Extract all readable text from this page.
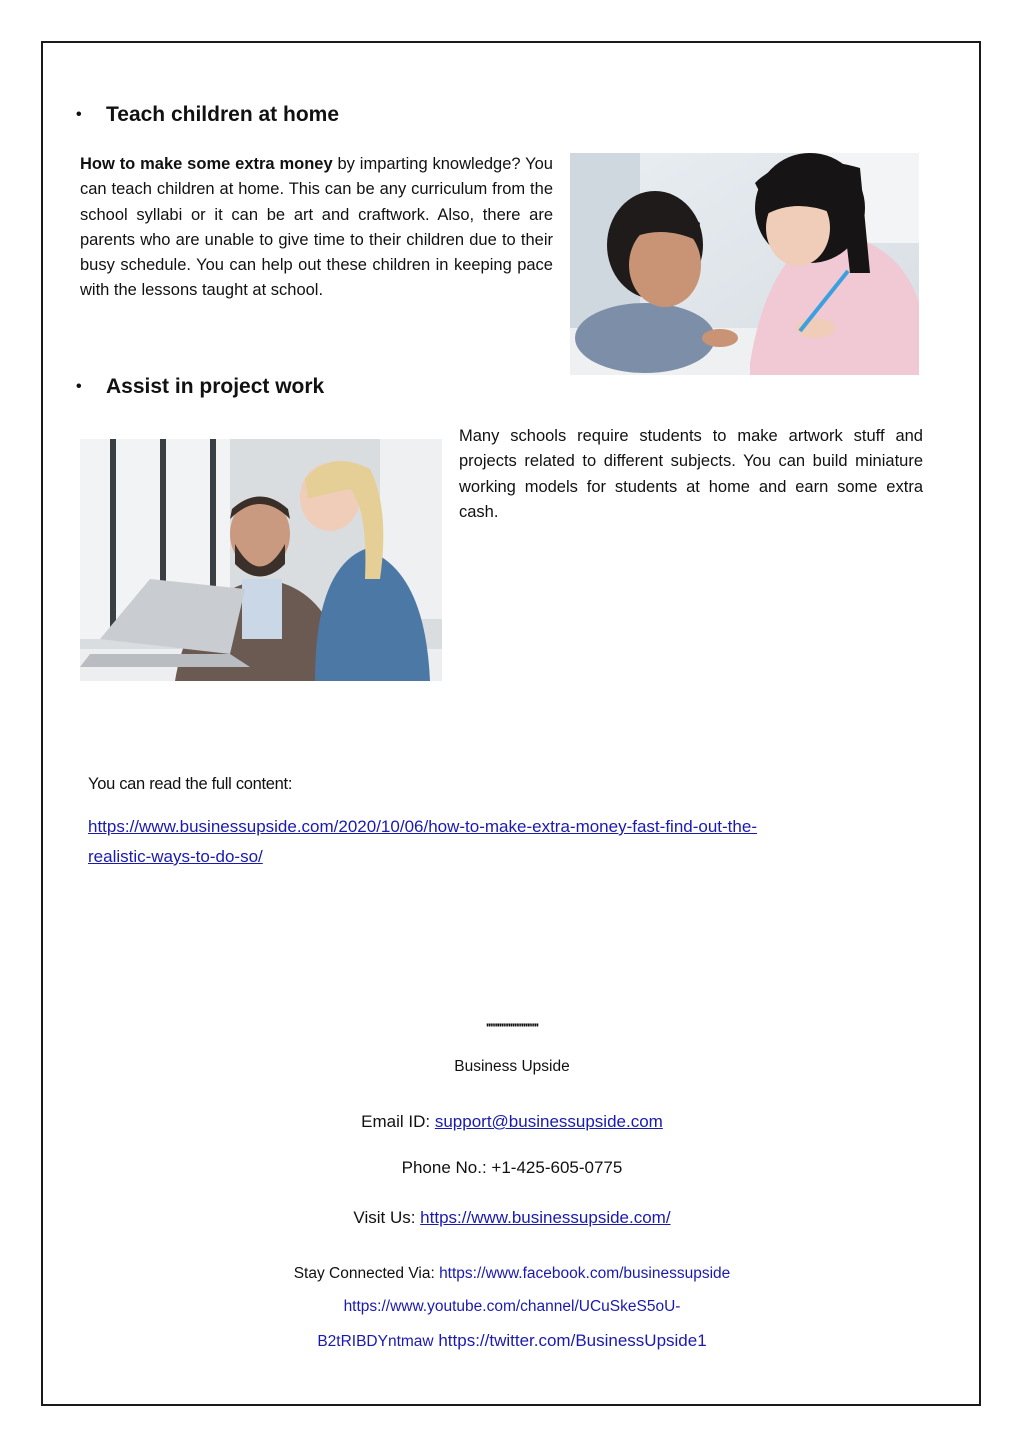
•	Teach children at home

How to make some extra money by imparting knowledge? You can teach children at home. This can be any curriculum from the school syllabi or it can be art and craftwork. Also, there are parents who are unable to give time to their children due to their busy schedule. You can help out these children in keeping pace with the lessons taught at school.

•	Assist in project work

Many schools require students to make artwork stuff and projects related to different subjects. You can build miniature working models for students at home and earn some extra cash.

You can read the full content:
https://www.businessupside.com/2020/10/06/how-to-make-extra-money-fast-find-out-the-
realistic-ways-to-do-so/
''''''''''''''''''''''''''''
Business Upside
Email ID: support@businessupside.com
Phone No.: +1-425-605-0775
Visit Us: https://www.businessupside.com/
Stay Connected Via: https://www.facebook.com/businessupside
https://www.youtube.com/channel/UCuSkeS5oU-
B2tRIBDYntmaw https://twitter.com/BusinessUpside1
